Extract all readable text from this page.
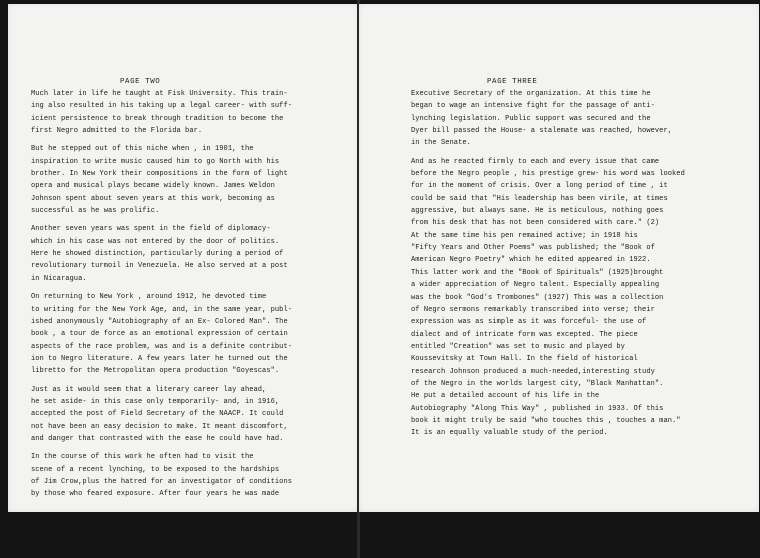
PAGE TWO
Much later in life he taught at Fisk University. This train-
ing also resulted in his taking up a legal career- with suff-
icient persistence to break through tradition to become the
first Negro admitted to the Florida bar.
But he stepped out of this niche when , in 1901, the
inspiration to write music caused him to go North with his
brother. In New York their compositions in the form of light
opera and musical plays became widely known. James Weldon
Johnson spent about seven years at this work, becoming as
successful as he was prolific.
Another seven years was spent in the field of diplomacy-
which in his case was not entered by the door of politics.
Here he showed distinction, particularly during a period of
revolutionary turmoil in Venezuela. He also served at a post
in Nicaragua.
On returning to New York , around 1912, he devoted time
to writing for the New York Age, and, in the same year, publ-
ished anonymously "Autobiography of an Ex- Colored Man". The
book , a tour de force as an emotional expression of certain
aspects of the race problem, was and is a definite contribut-
ion to Negro literature. A few years later he turned out the
libretto for the Metropolitan opera production "Goyescas".
Just as it would seem that a literary career lay ahead,
he set aside- in this case only temporarily- and, in 1916,
accepted the post of Field Secretary of the NAACP. It could
not have been an easy decision to make. It meant discomfort,
and danger that contrasted with the ease he could have had.
In the course of this work he often had to visit the
scene of a recent lynching, to be exposed to the hardships
of Jim Crow,plus the hatred for an investigator of conditions
by those who feared exposure. After four years he was made
PAGE THREE
Executive Secretary of the organization. At this time he
began to wage an intensive fight for the passage of anti-
lynching legislation. Public support was secured and the
Dyer bill passed the House- a stalemate was reached, however,
in the Senate.
And as he reacted firmly to each and every issue that came
before the Negro people , his prestige grew- his word was looked
for in the moment of crisis. Over a long period of time , it
could be said that "His leadership has been virile, at times
aggressive, but always sane. He is meticulous, nothing goes
from his desk that has not been considered with care." (2)
At the same time his pen remained active; in 1918 his
"Fifty Years and Other Poems" was published; the "Book of
American Negro Poetry" which he edited appeared in 1922.
This latter work and the "Book of Spirituals" (1925)brought
a wider appreciation of Negro talent. Especially appealing
was the book "God's Trombones" (1927) This was a collection
of Negro sermons remarkably transcribed into verse; their
expression was as simple as it was forceful- the use of
dialect and of intricate form was excepted. The piece
entitled "Creation" was set to music and played by
Koussevitsky at Town Hall. In the field of historical
research Johnson produced a much-needed,interesting study
of the Negro in the worlds largest city, "Black Manhattan".
He put a detailed account of his life in the
Autobiography "Along This Way" , published in 1933. Of this
book it might truly be said "who touches this , touches a man."
It is an equally valuable study of the period.
